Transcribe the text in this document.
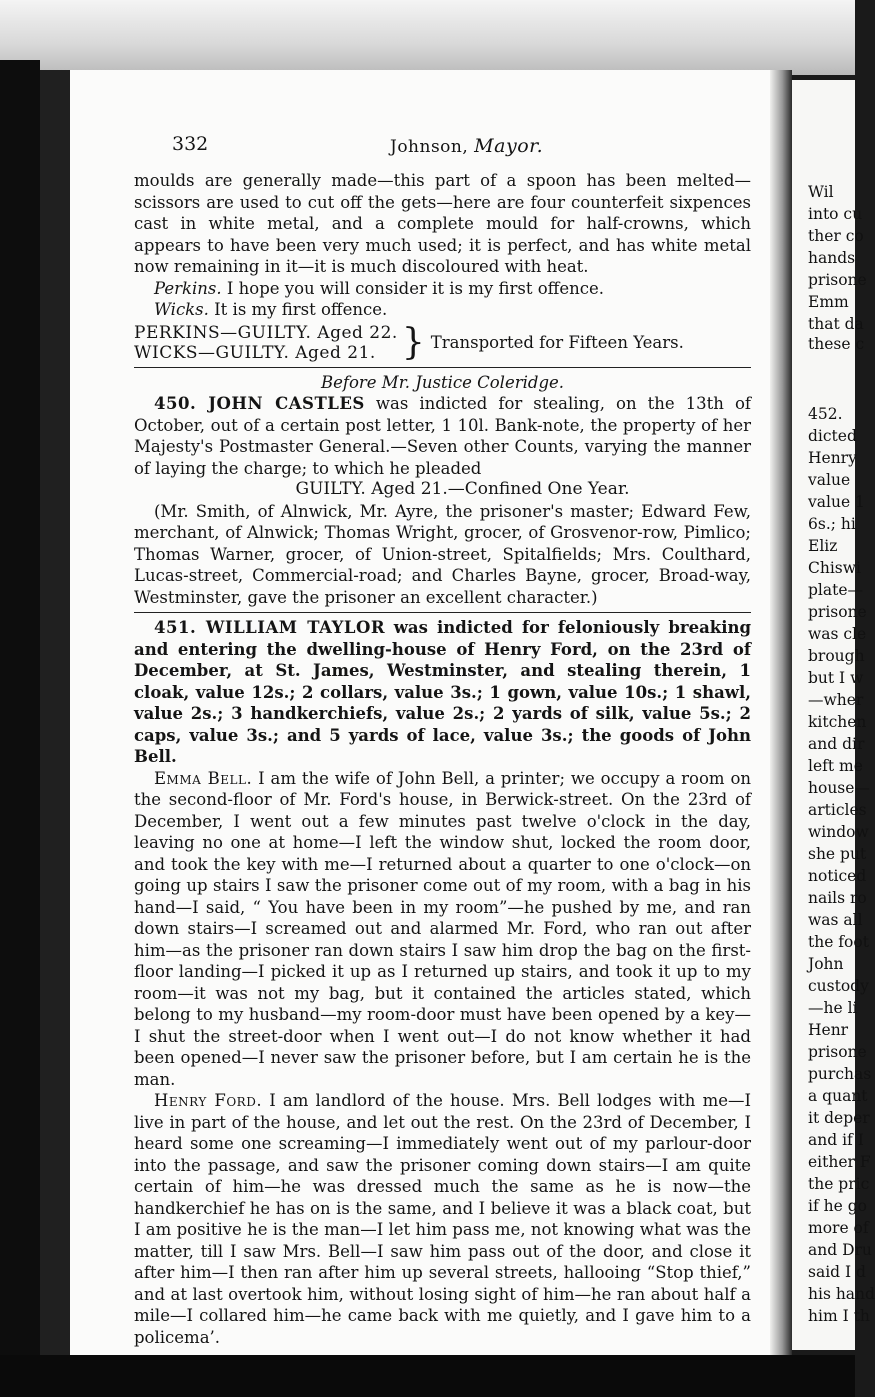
332	Johnson, Mayor.

moulds are generally made—this part of a spoon has been melted—scissors are used to cut off the gets—here are four counterfeit sixpences cast in white metal, and a complete mould for half-crowns, which appears to have been very much used; it is perfect, and has white metal now remaining in it—it is much discoloured with heat.

Perkins. I hope you will consider it is my first offence.

Wicks. It is my first offence.

PERKINS—GUILTY. Aged 22.
WICKS—GUILTY. Aged 21. } Transported for Fifteen Years.

Before Mr. Justice Coleridge.

450. JOHN CASTLES was indicted for stealing, on the 13th of October, out of a certain post letter, 1 10l. Bank-note, the property of her Majesty's Postmaster General.—Seven other Counts, varying the manner of laying the charge; to which he pleaded

GUILTY. Aged 21.—Confined One Year.

(Mr. Smith, of Alnwick, Mr. Ayre, the prisoner's master; Edward Few, merchant, of Alnwick; Thomas Wright, grocer, of Grosvenor-row, Pimlico; Thomas Warner, grocer, of Union-street, Spitalfields; Mrs. Coulthard, Lucas-street, Commercial-road; and Charles Bayne, grocer, Broad-way, Westminster, gave the prisoner an excellent character.)

451. WILLIAM TAYLOR was indicted for feloniously breaking and entering the dwelling-house of Henry Ford, on the 23rd of December, at St. James, Westminster, and stealing therein, 1 cloak, value 12s.; 2 collars, value 3s.; 1 gown, value 10s.; 1 shawl, value 2s.; 3 handkerchiefs, value 2s.; 2 yards of silk, value 5s.; 2 caps, value 3s.; and 5 yards of lace, value 3s.; the goods of John Bell.

Emma Bell. I am the wife of John Bell, a printer; we occupy a room on the second-floor of Mr. Ford's house, in Berwick-street. On the 23rd of December, I went out a few minutes past twelve o'clock in the day, leaving no one at home—I left the window shut, locked the room door, and took the key with me—I returned about a quarter to one o'clock—on going up stairs I saw the prisoner come out of my room, with a bag in his hand—I said, “ You have been in my room”—he pushed by me, and ran down stairs—I screamed out and alarmed Mr. Ford, who ran out after him—as the prisoner ran down stairs I saw him drop the bag on the first-floor landing—I picked it up as I returned up stairs, and took it up to my room—it was not my bag, but it contained the articles stated, which belong to my husband—my room-door must have been opened by a key—I shut the street-door when I went out—I do not know whether it had been opened—I never saw the prisoner before, but I am certain he is the man.

Henry Ford. I am landlord of the house. Mrs. Bell lodges with me—I live in part of the house, and let out the rest. On the 23rd of December, I heard some one screaming—I immediately went out of my parlour-door into the passage, and saw the prisoner coming down stairs—I am quite certain of him—he was dressed much the same as he is now—the handkerchief he has on is the same, and I believe it was a black coat, but I am positive he is the man—I let him pass me, not knowing what was the matter, till I saw Mrs. Bell—I saw him pass out of the door, and close it after him—I then ran after him up several streets, hallooing “Stop thief,” and at last overtook him, without losing sight of him—he ran about half a mile—I collared him—he came back with me quietly, and I gave him to a policema’.

Wil
into cu
ther co
hands
prisone
Emm
that da
these c
452.
dicted
Henry
value
value 1
6s.; hi
Eliz
Chiswi
plate—
prisone
was cle
brough
but I w
—wher
kitchen
and dir
left me
house—
articles
window
she put
noticed
nails ro
was all
the foot
John
custody
—he li
Henr
prisone
purchas
a quant
it deper
and if I
either F
the pric
if he go
more of
and Dru
said I d
his hand
him I th
